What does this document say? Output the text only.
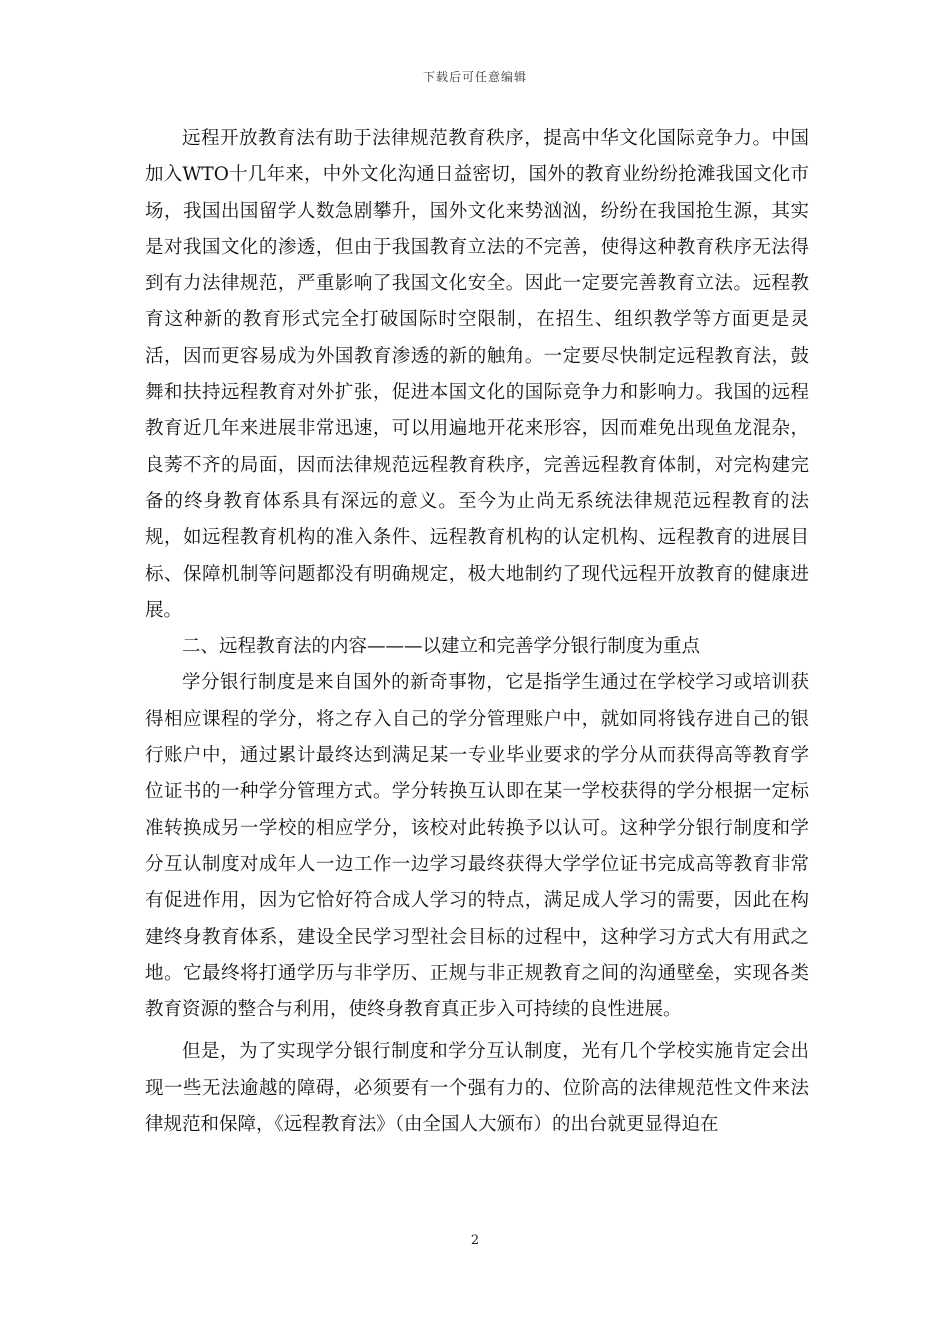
下载后可任意编辑

远程开放教育法有助于法律规范教育秩序，提高中华文化国际竞争力。中国加入WTO十几年来，中外文化沟通日益密切，国外的教育业纷纷抢滩我国文化市场，我国出国留学人数急剧攀升，国外文化来势汹汹，纷纷在我国抢生源，其实是对我国文化的渗透，但由于我国教育立法的不完善，使得这种教育秩序无法得到有力法律规范，严重影响了我国文化安全。因此一定要完善教育立法。远程教育这种新的教育形式完全打破国际时空限制，在招生、组织教学等方面更是灵活，因而更容易成为外国教育渗透的新的触角。一定要尽快制定远程教育法，鼓舞和扶持远程教育对外扩张，促进本国文化的国际竞争力和影响力。我国的远程教育近几年来进展非常迅速，可以用遍地开花来形容，因而难免出现鱼龙混杂，良莠不齐的局面，因而法律规范远程教育秩序，完善远程教育体制，对完构建完备的终身教育体系具有深远的意义。至今为止尚无系统法律规范远程教育的法规，如远程教育机构的准入条件、远程教育机构的认定机构、远程教育的进展目标、保障机制等问题都没有明确规定，极大地制约了现代远程开放教育的健康进展。

二、远程教育法的内容———以建立和完善学分银行制度为重点

学分银行制度是来自国外的新奇事物，它是指学生通过在学校学习或培训获得相应课程的学分，将之存入自己的学分管理账户中，就如同将钱存进自己的银行账户中，通过累计最终达到满足某一专业毕业要求的学分从而获得高等教育学位证书的一种学分管理方式。学分转换互认即在某一学校获得的学分根据一定标准转换成另一学校的相应学分，该校对此转换予以认可。这种学分银行制度和学分互认制度对成年人一边工作一边学习最终获得大学学位证书完成高等教育非常有促进作用，因为它恰好符合成人学习的特点，满足成人学习的需要，因此在构建终身教育体系，建设全民学习型社会目标的过程中，这种学习方式大有用武之地。它最终将打通学历与非学历、正规与非正规教育之间的沟通壁垒，实现各类教育资源的整合与利用，使终身教育真正步入可持续的良性进展。

但是，为了实现学分银行制度和学分互认制度，光有几个学校实施肯定会出现一些无法逾越的障碍，必须要有一个强有力的、位阶高的法律规范性文件来法律规范和保障，《远程教育法》（由全国人大颁布）的出台就更显得迫在

2
